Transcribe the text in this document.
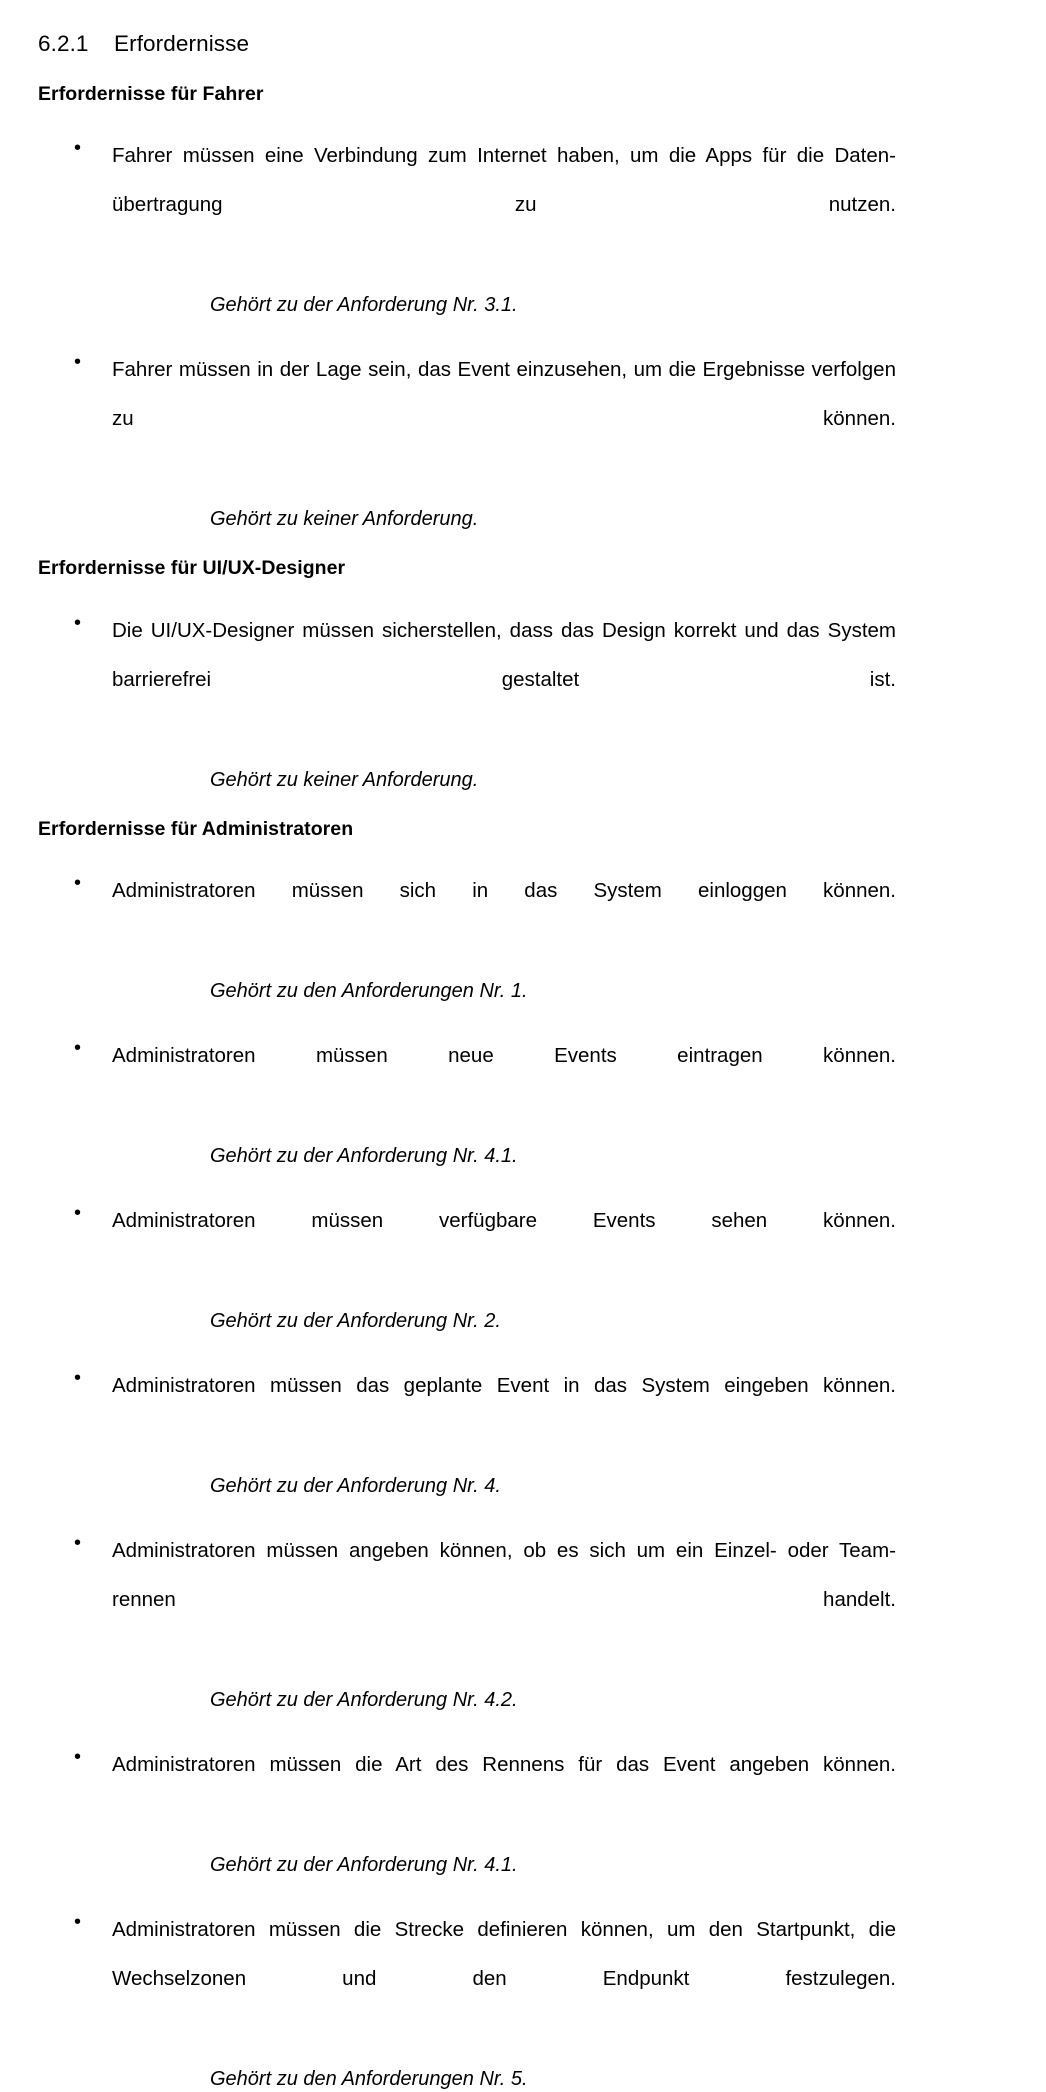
6.2.1	Erfordernisse
Erfordernisse für Fahrer
•	Fahrer müssen eine Verbindung zum Internet haben, um die Apps für die Datenübertragung zu nutzen.
Gehört zu der Anforderung Nr. 3.1.
•	Fahrer müssen in der Lage sein, das Event einzusehen, um die Ergebnisse verfolgen zu können.
Gehört zu keiner Anforderung.
Erfordernisse für UI/UX-Designer
•	Die UI/UX-Designer müssen sicherstellen, dass das Design korrekt und das System barrierefrei gestaltet ist.
Gehört zu keiner Anforderung.
Erfordernisse für Administratoren
•	Administratoren müssen sich in das System einloggen können.
Gehört zu den Anforderungen Nr. 1.
•	Administratoren müssen neue Events eintragen können.
Gehört zu der Anforderung Nr. 4.1.
•	Administratoren müssen verfügbare Events sehen können.
Gehört zu der Anforderung Nr. 2.
•	Administratoren müssen das geplante Event in das System eingeben können.
Gehört zu der Anforderung Nr. 4.
•	Administratoren müssen angeben können, ob es sich um ein Einzel- oder Teamrennen handelt.
Gehört zu der Anforderung Nr. 4.2.
•	Administratoren müssen die Art des Rennens für das Event angeben können.
Gehört zu der Anforderung Nr. 4.1.
•	Administratoren müssen die Strecke definieren können, um den Startpunkt, die Wechselzonen und den Endpunkt festzulegen.
Gehört zu den Anforderungen Nr. 5.
